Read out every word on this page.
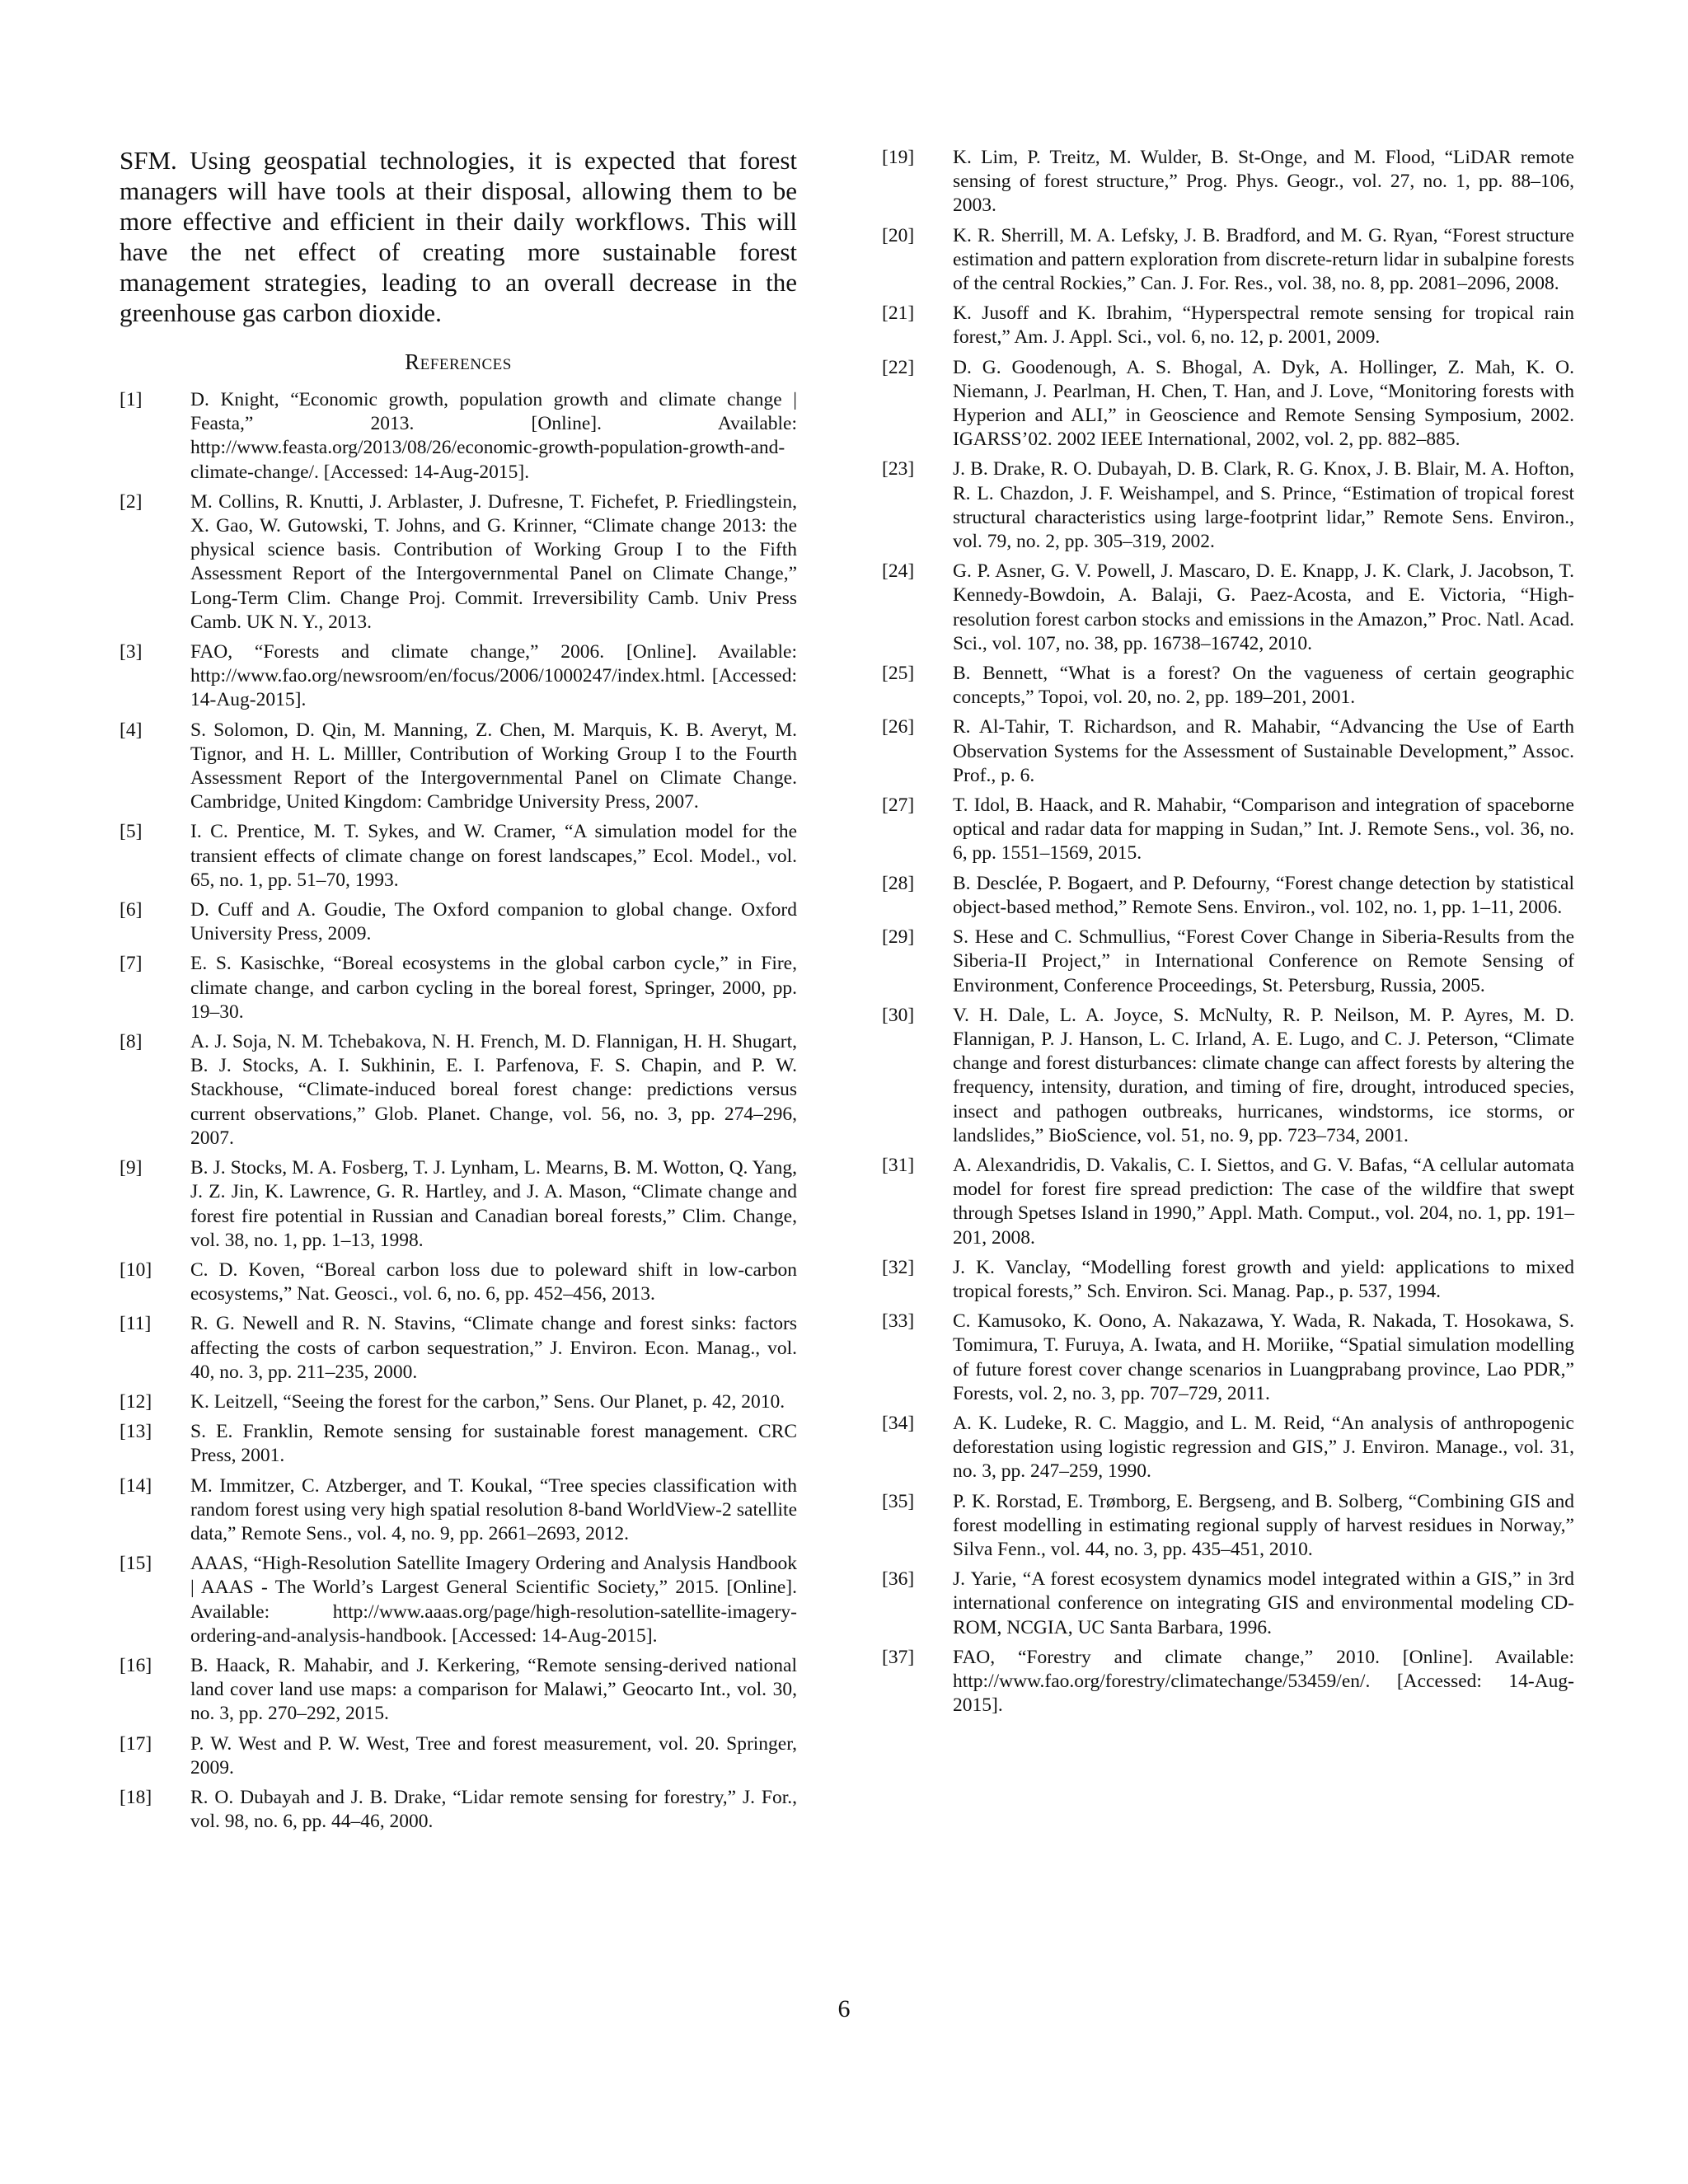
SFM. Using geospatial technologies, it is expected that forest managers will have tools at their disposal, allowing them to be more effective and efficient in their daily workflows. This will have the net effect of creating more sustainable forest management strategies, leading to an overall decrease in the greenhouse gas carbon dioxide.

References
[1]	D. Knight, “Economic growth, population growth and climate change | Feasta,” 2013. [Online]. Available: http://www.feasta.org/2013/08/26/economic-growth-population-growth-and-climate-change/. [Accessed: 14-Aug-2015].
[2]	M. Collins, R. Knutti, J. Arblaster, J. Dufresne, T. Fichefet, P. Friedlingstein, X. Gao, W. Gutowski, T. Johns, and G. Krinner, “Climate change 2013: the physical science basis. Contribution of Working Group I to the Fifth Assessment Report of the Intergovernmental Panel on Climate Change,” Long-Term Clim. Change Proj. Commit. Irreversibility Camb. Univ Press Camb. UK N. Y., 2013.
[3]	FAO, “Forests and climate change,” 2006. [Online]. Available: http://www.fao.org/newsroom/en/focus/2006/1000247/index.html. [Accessed: 14-Aug-2015].
[4]	S. Solomon, D. Qin, M. Manning, Z. Chen, M. Marquis, K. B. Averyt, M. Tignor, and H. L. Milller, Contribution of Working Group I to the Fourth Assessment Report of the Intergovernmental Panel on Climate Change. Cambridge, United Kingdom: Cambridge University Press, 2007.
[5]	I. C. Prentice, M. T. Sykes, and W. Cramer, “A simulation model for the transient effects of climate change on forest landscapes,” Ecol. Model., vol. 65, no. 1, pp. 51–70, 1993.
[6]	D. Cuff and A. Goudie, The Oxford companion to global change. Oxford University Press, 2009.
[7]	E. S. Kasischke, “Boreal ecosystems in the global carbon cycle,” in Fire, climate change, and carbon cycling in the boreal forest, Springer, 2000, pp. 19–30.
[8]	A. J. Soja, N. M. Tchebakova, N. H. French, M. D. Flannigan, H. H. Shugart, B. J. Stocks, A. I. Sukhinin, E. I. Parfenova, F. S. Chapin, and P. W. Stackhouse, “Climate-induced boreal forest change: predictions versus current observations,” Glob. Planet. Change, vol. 56, no. 3, pp. 274–296, 2007.
[9]	B. J. Stocks, M. A. Fosberg, T. J. Lynham, L. Mearns, B. M. Wotton, Q. Yang, J. Z. Jin, K. Lawrence, G. R. Hartley, and J. A. Mason, “Climate change and forest fire potential in Russian and Canadian boreal forests,” Clim. Change, vol. 38, no. 1, pp. 1–13, 1998.
[10]	C. D. Koven, “Boreal carbon loss due to poleward shift in low-carbon ecosystems,” Nat. Geosci., vol. 6, no. 6, pp. 452–456, 2013.
[11]	R. G. Newell and R. N. Stavins, “Climate change and forest sinks: factors affecting the costs of carbon sequestration,” J. Environ. Econ. Manag., vol. 40, no. 3, pp. 211–235, 2000.
[12]	K. Leitzell, “Seeing the forest for the carbon,” Sens. Our Planet, p. 42, 2010.
[13]	S. E. Franklin, Remote sensing for sustainable forest management. CRC Press, 2001.
[14]	M. Immitzer, C. Atzberger, and T. Koukal, “Tree species classification with random forest using very high spatial resolution 8-band WorldView-2 satellite data,” Remote Sens., vol. 4, no. 9, pp. 2661–2693, 2012.
[15]	AAAS, “High-Resolution Satellite Imagery Ordering and Analysis Handbook | AAAS - The World’s Largest General Scientific Society,” 2015. [Online]. Available: http://www.aaas.org/page/high-resolution-satellite-imagery-ordering-and-analysis-handbook. [Accessed: 14-Aug-2015].
[16]	B. Haack, R. Mahabir, and J. Kerkering, “Remote sensing-derived national land cover land use maps: a comparison for Malawi,” Geocarto Int., vol. 30, no. 3, pp. 270–292, 2015.
[17]	P. W. West and P. W. West, Tree and forest measurement, vol. 20. Springer, 2009.
[18]	R. O. Dubayah and J. B. Drake, “Lidar remote sensing for forestry,” J. For., vol. 98, no. 6, pp. 44–46, 2000.
[19]	K. Lim, P. Treitz, M. Wulder, B. St-Onge, and M. Flood, “LiDAR remote sensing of forest structure,” Prog. Phys. Geogr., vol. 27, no. 1, pp. 88–106, 2003.
[20]	K. R. Sherrill, M. A. Lefsky, J. B. Bradford, and M. G. Ryan, “Forest structure estimation and pattern exploration from discrete-return lidar in subalpine forests of the central Rockies,” Can. J. For. Res., vol. 38, no. 8, pp. 2081–2096, 2008.
[21]	K. Jusoff and K. Ibrahim, “Hyperspectral remote sensing for tropical rain forest,” Am. J. Appl. Sci., vol. 6, no. 12, p. 2001, 2009.
[22]	D. G. Goodenough, A. S. Bhogal, A. Dyk, A. Hollinger, Z. Mah, K. O. Niemann, J. Pearlman, H. Chen, T. Han, and J. Love, “Monitoring forests with Hyperion and ALI,” in Geoscience and Remote Sensing Symposium, 2002. IGARSS’02. 2002 IEEE International, 2002, vol. 2, pp. 882–885.
[23]	J. B. Drake, R. O. Dubayah, D. B. Clark, R. G. Knox, J. B. Blair, M. A. Hofton, R. L. Chazdon, J. F. Weishampel, and S. Prince, “Estimation of tropical forest structural characteristics using large-footprint lidar,” Remote Sens. Environ., vol. 79, no. 2, pp. 305–319, 2002.
[24]	G. P. Asner, G. V. Powell, J. Mascaro, D. E. Knapp, J. K. Clark, J. Jacobson, T. Kennedy-Bowdoin, A. Balaji, G. Paez-Acosta, and E. Victoria, “High-resolution forest carbon stocks and emissions in the Amazon,” Proc. Natl. Acad. Sci., vol. 107, no. 38, pp. 16738–16742, 2010.
[25]	B. Bennett, “What is a forest? On the vagueness of certain geographic concepts,” Topoi, vol. 20, no. 2, pp. 189–201, 2001.
[26]	R. Al-Tahir, T. Richardson, and R. Mahabir, “Advancing the Use of Earth Observation Systems for the Assessment of Sustainable Development,” Assoc. Prof., p. 6.
[27]	T. Idol, B. Haack, and R. Mahabir, “Comparison and integration of spaceborne optical and radar data for mapping in Sudan,” Int. J. Remote Sens., vol. 36, no. 6, pp. 1551–1569, 2015.
[28]	B. Desclée, P. Bogaert, and P. Defourny, “Forest change detection by statistical object-based method,” Remote Sens. Environ., vol. 102, no. 1, pp. 1–11, 2006.
[29]	S. Hese and C. Schmullius, “Forest Cover Change in Siberia-Results from the Siberia-II Project,” in International Conference on Remote Sensing of Environment, Conference Proceedings, St. Petersburg, Russia, 2005.
[30]	V. H. Dale, L. A. Joyce, S. McNulty, R. P. Neilson, M. P. Ayres, M. D. Flannigan, P. J. Hanson, L. C. Irland, A. E. Lugo, and C. J. Peterson, “Climate change and forest disturbances: climate change can affect forests by altering the frequency, intensity, duration, and timing of fire, drought, introduced species, insect and pathogen outbreaks, hurricanes, windstorms, ice storms, or landslides,” BioScience, vol. 51, no. 9, pp. 723–734, 2001.
[31]	A. Alexandridis, D. Vakalis, C. I. Siettos, and G. V. Bafas, “A cellular automata model for forest fire spread prediction: The case of the wildfire that swept through Spetses Island in 1990,” Appl. Math. Comput., vol. 204, no. 1, pp. 191–201, 2008.
[32]	J. K. Vanclay, “Modelling forest growth and yield: applications to mixed tropical forests,” Sch. Environ. Sci. Manag. Pap., p. 537, 1994.
[33]	C. Kamusoko, K. Oono, A. Nakazawa, Y. Wada, R. Nakada, T. Hosokawa, S. Tomimura, T. Furuya, A. Iwata, and H. Moriike, “Spatial simulation modelling of future forest cover change scenarios in Luangprabang province, Lao PDR,” Forests, vol. 2, no. 3, pp. 707–729, 2011.
[34]	A. K. Ludeke, R. C. Maggio, and L. M. Reid, “An analysis of anthropogenic deforestation using logistic regression and GIS,” J. Environ. Manage., vol. 31, no. 3, pp. 247–259, 1990.
[35]	P. K. Rorstad, E. Trømborg, E. Bergseng, and B. Solberg, “Combining GIS and forest modelling in estimating regional supply of harvest residues in Norway,” Silva Fenn., vol. 44, no. 3, pp. 435–451, 2010.
[36]	J. Yarie, “A forest ecosystem dynamics model integrated within a GIS,” in 3rd international conference on integrating GIS and environmental modeling CD-ROM, NCGIA, UC Santa Barbara, 1996.
[37]	FAO, “Forestry and climate change,” 2010. [Online]. Available: http://www.fao.org/forestry/climatechange/53459/en/. [Accessed: 14-Aug-2015].
6
